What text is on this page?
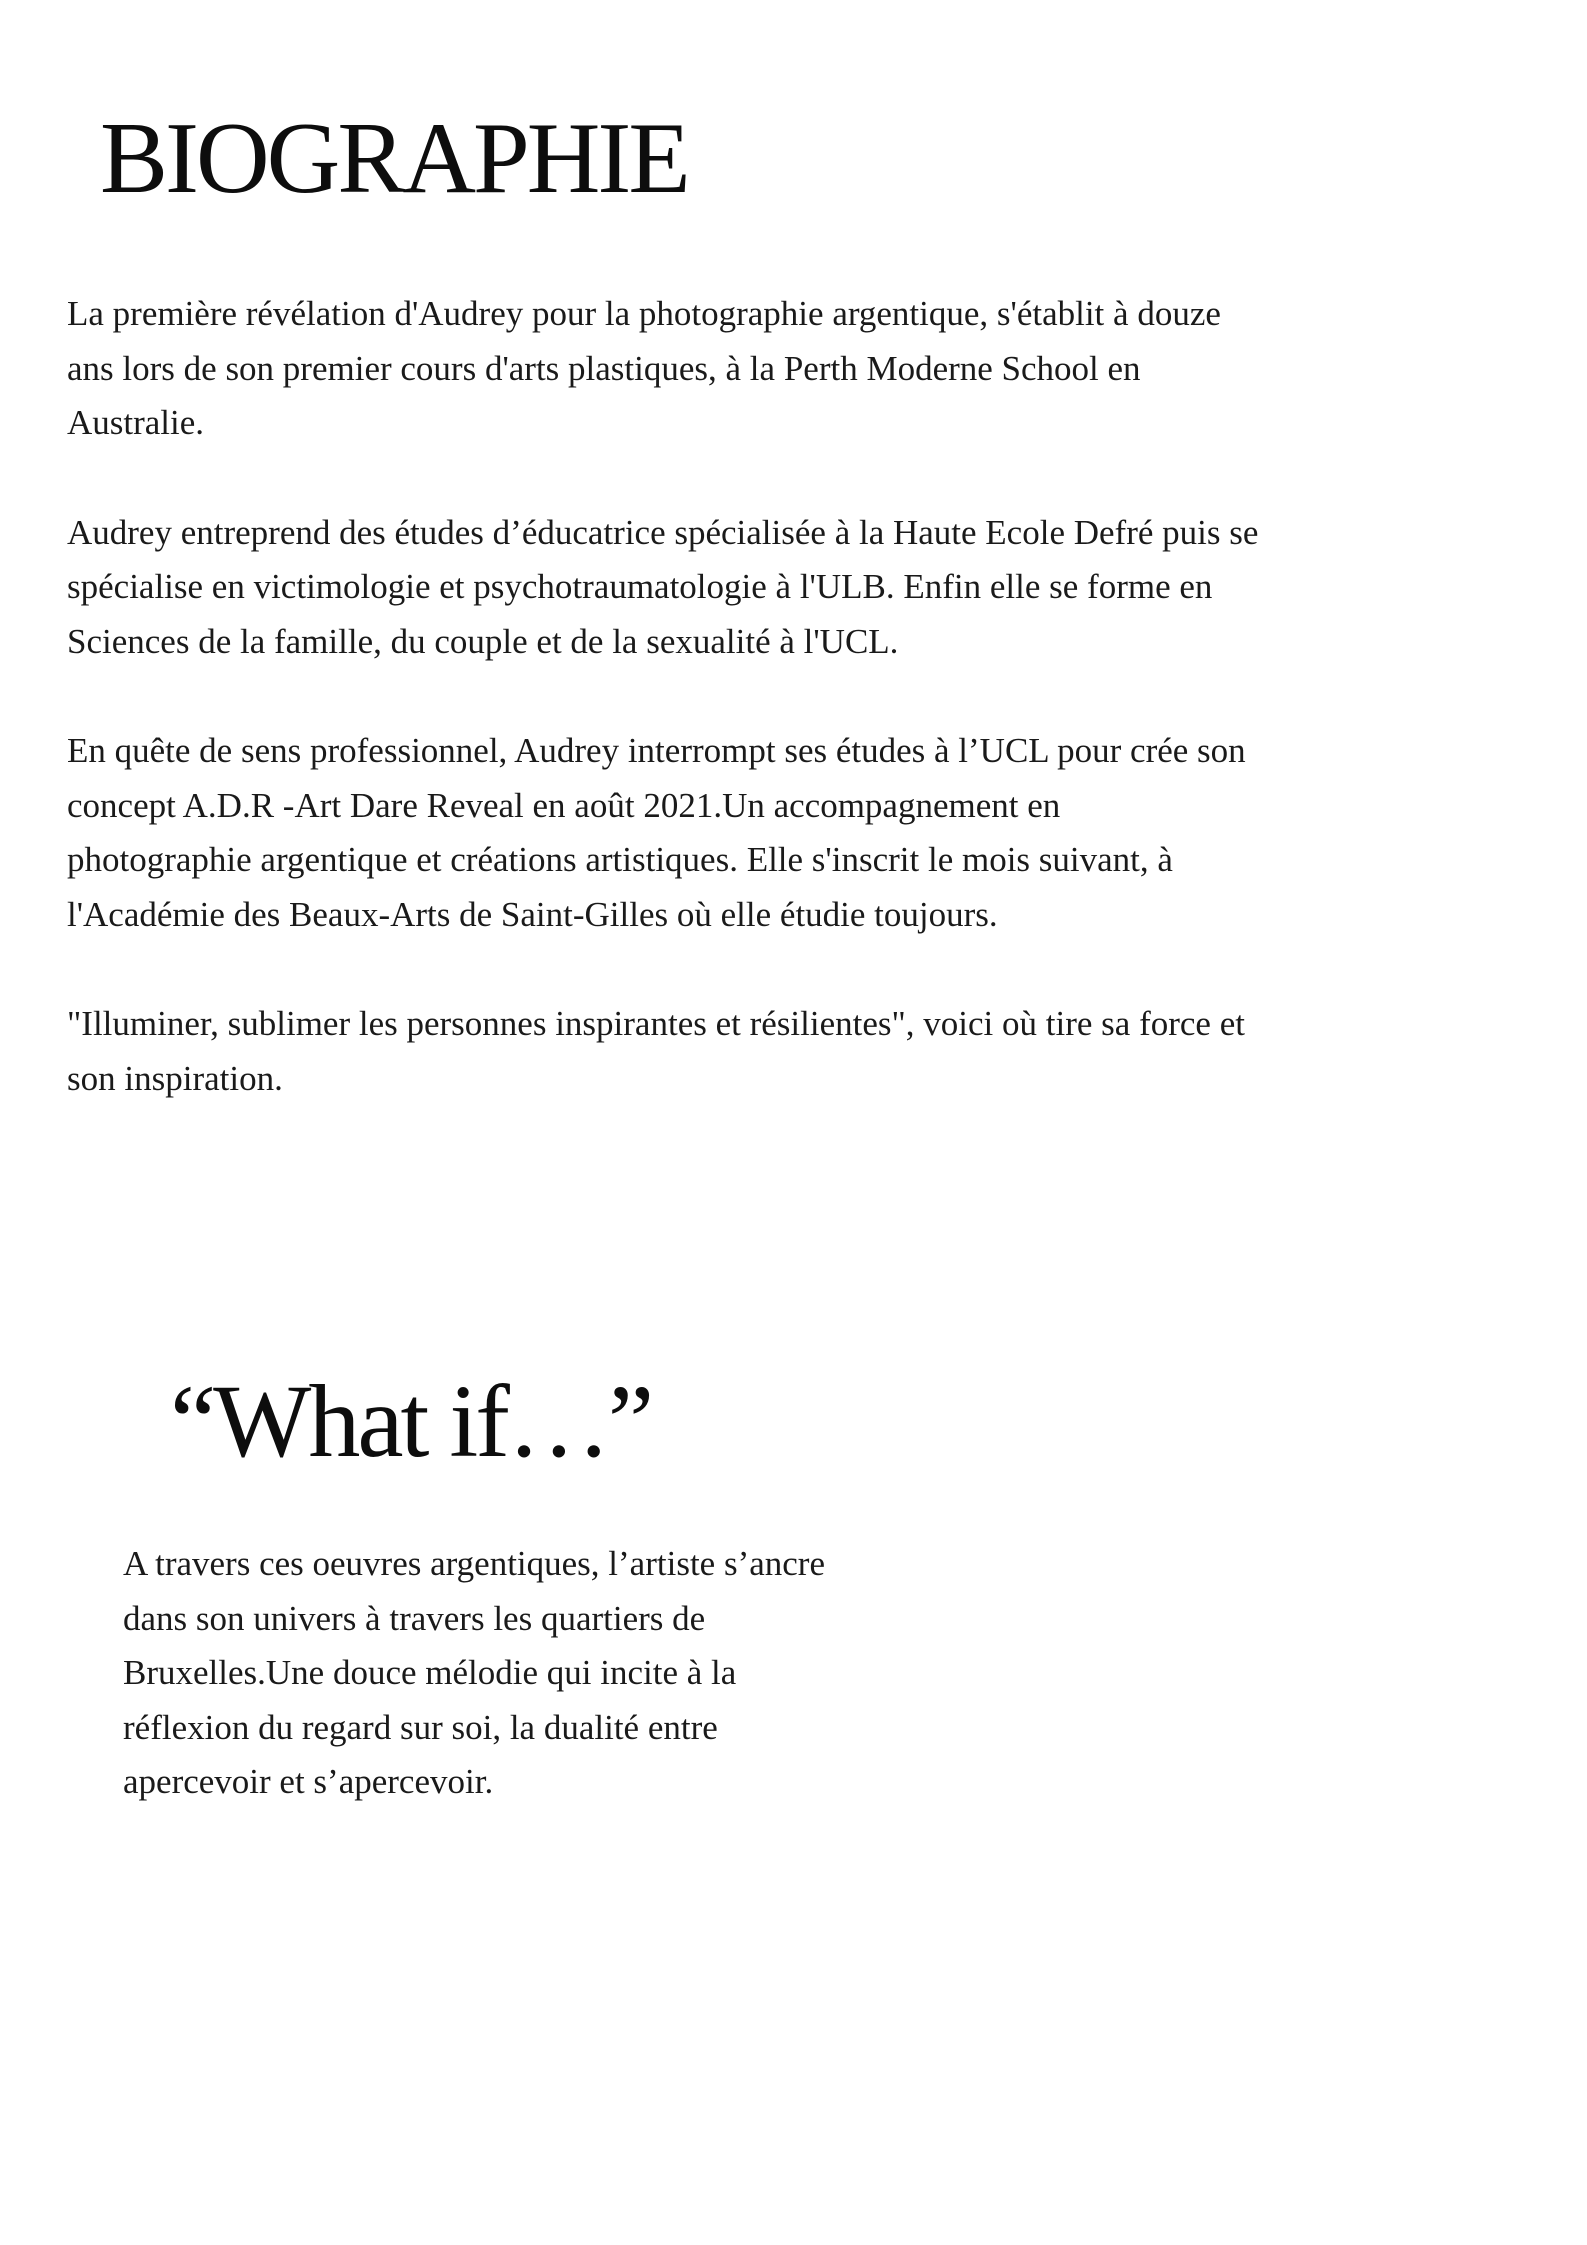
BIOGRAPHIE

La première révélation d'Audrey pour la photographie argentique, s'établit à douze
ans lors de son premier cours d'arts plastiques, à la Perth Moderne School en
Australie.

Audrey entreprend des études d’éducatrice spécialisée à la Haute Ecole Defré puis se
spécialise en victimologie et psychotraumatologie à l'ULB. Enfin elle se forme en
Sciences de la famille, du couple et de la sexualité à l'UCL.

En quête de sens professionnel, Audrey interrompt ses études à l’UCL pour crée son
concept A.D.R -Art Dare Reveal en août 2021.Un accompagnement en
photographie argentique et créations artistiques. Elle s'inscrit le mois suivant, à
l'Académie des Beaux-Arts de Saint-Gilles où elle étudie toujours.

"Illuminer, sublimer les personnes inspirantes et résilientes", voici où tire sa force et
son inspiration.

“What if…”

A travers ces oeuvres argentiques, l’artiste s’ancre
dans son univers à travers les quartiers de
Bruxelles.Une douce mélodie qui incite à la
réflexion du regard sur soi, la dualité entre
apercevoir et s’apercevoir.
